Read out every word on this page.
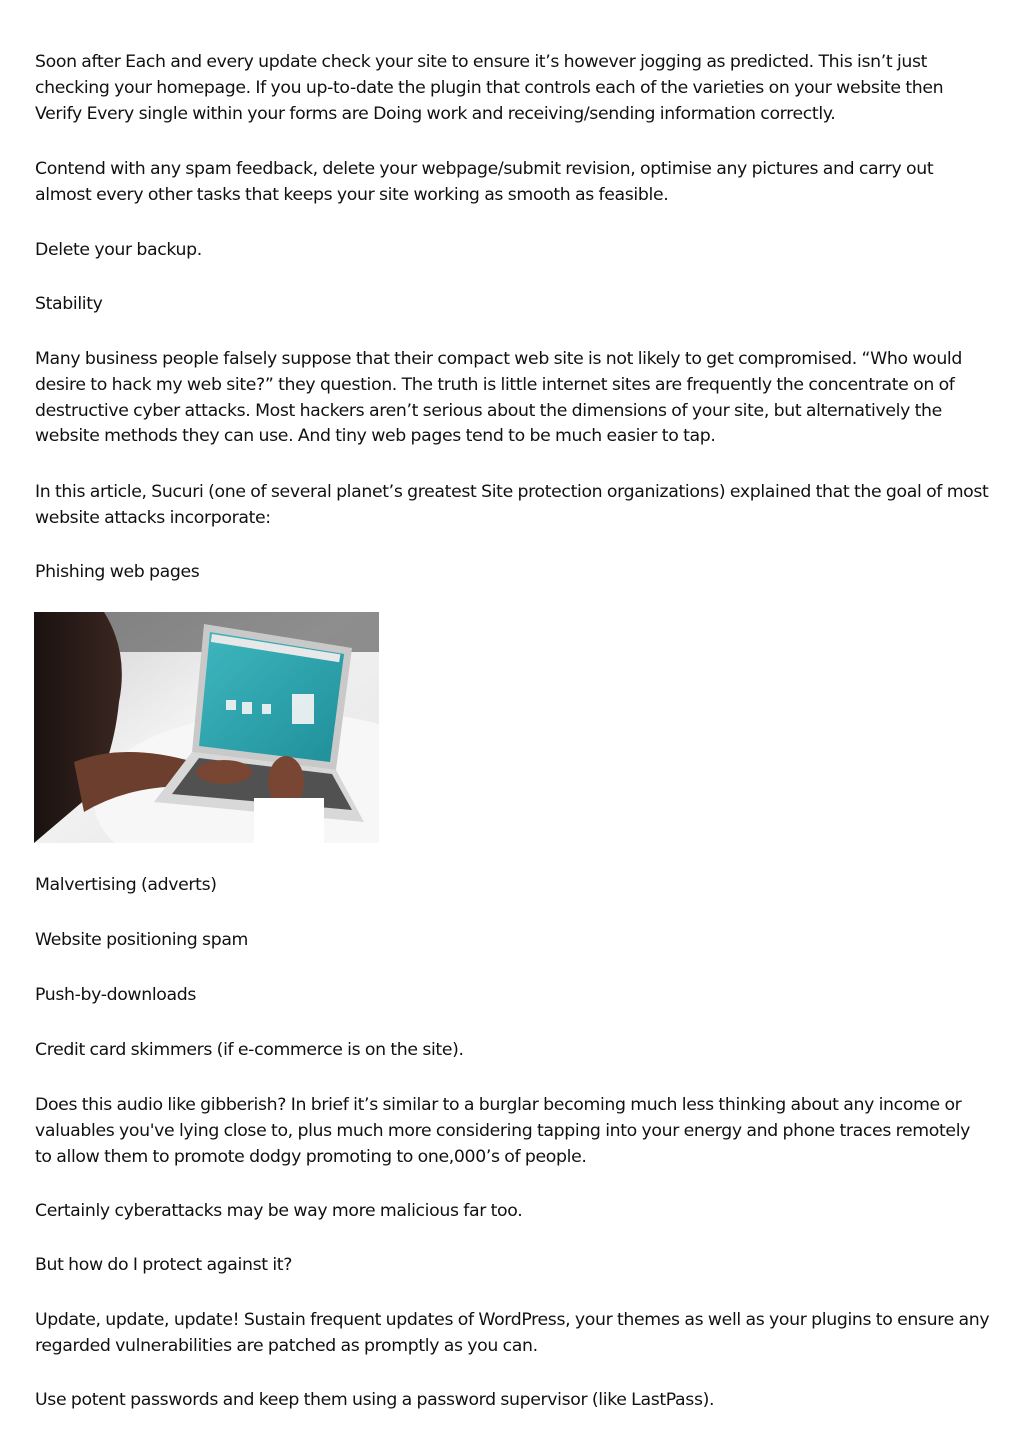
Soon after Each and every update check your site to ensure it’s however jogging as predicted. This isn’t just checking your homepage. If you up-to-date the plugin that controls each of the varieties on your website then Verify Every single within your forms are Doing work and receiving/sending information correctly.

Contend with any spam feedback, delete your webpage/submit revision, optimise any pictures and carry out almost every other tasks that keeps your site working as smooth as feasible.

Delete your backup.

Stability

Many business people falsely suppose that their compact web site is not likely to get compromised. “Who would desire to hack my web site?” they question. The truth is little internet sites are frequently the concentrate on of destructive cyber attacks. Most hackers aren’t serious about the dimensions of your site, but alternatively the website methods they can use. And tiny web pages tend to be much easier to tap.

In this article, Sucuri (one of several planet’s greatest Site protection organizations) explained that the goal of most website attacks incorporate:

Phishing web pages

Malvertising (adverts)

Website positioning spam

Push-by-downloads

Credit card skimmers (if e-commerce is on the site).

Does this audio like gibberish? In brief it’s similar to a burglar becoming much less thinking about any income or valuables you've lying close to, plus much more considering tapping into your energy and phone traces remotely to allow them to promote dodgy promoting to one,000’s of people.

Certainly cyberattacks may be way more malicious far too.

But how do I protect against it?

Update, update, update! Sustain frequent updates of WordPress, your themes as well as your plugins to ensure any regarded vulnerabilities are patched as promptly as you can.

Use potent passwords and keep them using a password supervisor (like LastPass).
